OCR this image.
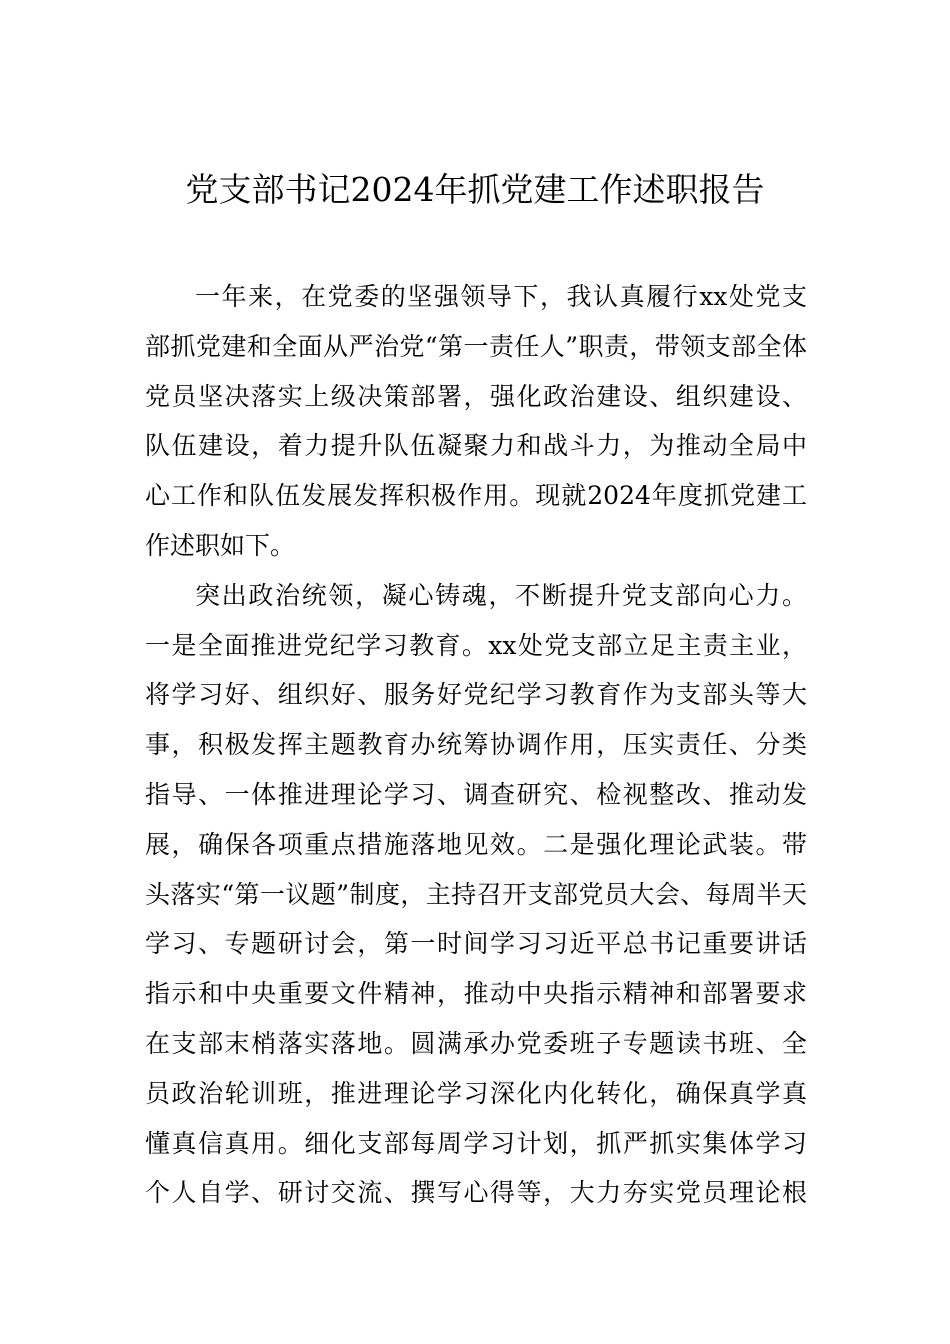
党支部书记2024年抓党建工作述职报告
一年来，在党委的坚强领导下，我认真履行xx处党支
部抓党建和全面从严治党“第一责任人”职责，带领支部全体
党员坚决落实上级决策部署，强化政治建设、组织建设、
队伍建设，着力提升队伍凝聚力和战斗力，为推动全局中
心工作和队伍发展发挥积极作用。现就2024年度抓党建工
作述职如下。
突出政治统领，凝心铸魂，不断提升党支部向心力。
一是全面推进党纪学习教育。xx处党支部立足主责主业，
将学习好、组织好、服务好党纪学习教育作为支部头等大
事，积极发挥主题教育办统筹协调作用，压实责任、分类
指导、一体推进理论学习、调查研究、检视整改、推动发
展，确保各项重点措施落地见效。二是强化理论武装。带
头落实“第一议题”制度，主持召开支部党员大会、每周半天
学习、专题研讨会，第一时间学习习近平总书记重要讲话
指示和中央重要文件精神，推动中央指示精神和部署要求
在支部末梢落实落地。圆满承办党委班子专题读书班、全
员政治轮训班，推进理论学习深化内化转化，确保真学真
懂真信真用。细化支部每周学习计划，抓严抓实集体学习
个人自学、研讨交流、撰写心得等，大力夯实党员理论根
